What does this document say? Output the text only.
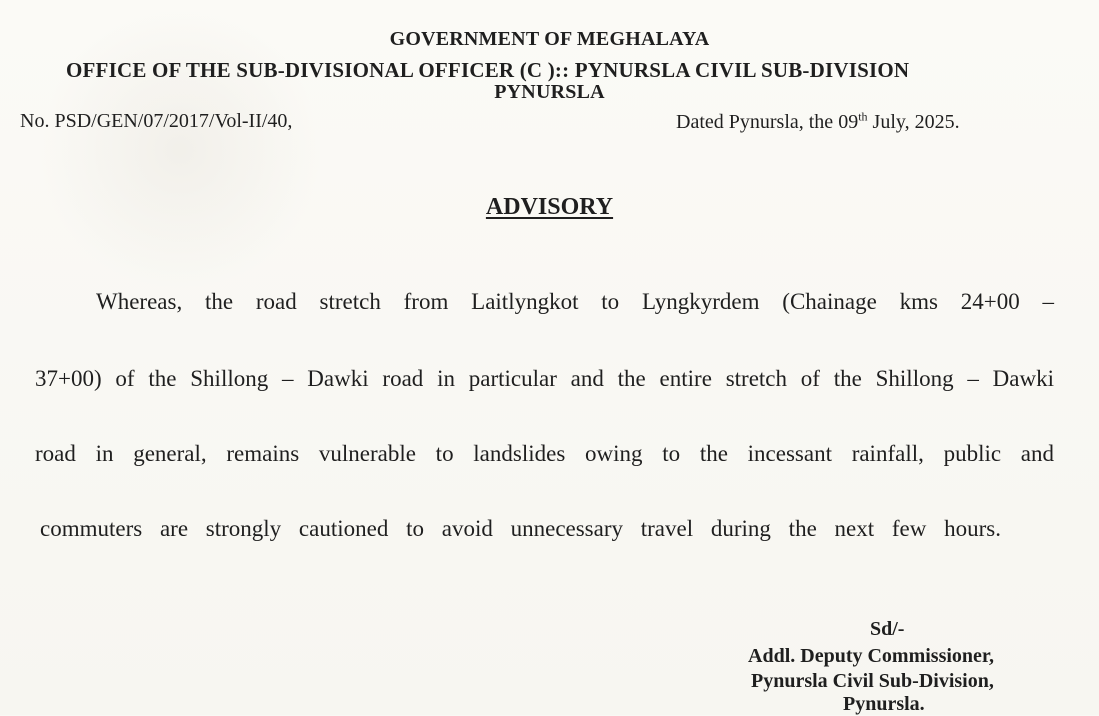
GOVERNMENT OF MEGHALAYA
OFFICE OF THE SUB-DIVISIONAL OFFICER (C ):: PYNURSLA CIVIL SUB-DIVISION
PYNURSLA
No. PSD/GEN/07/2017/Vol-II/40,	Dated Pynursla, the 09th July, 2025.
ADVISORY
Whereas, the road stretch from Laitlyngkot to Lyngkyrdem (Chainage kms 24+00 –
37+00) of the Shillong – Dawki road in particular and the entire stretch of the Shillong – Dawki
road in general, remains vulnerable to landslides owing to the incessant rainfall, public and
commuters are strongly cautioned to avoid unnecessary travel during the next few hours.
Sd/-
Addl. Deputy Commissioner,
Pynursla Civil Sub-Division,
Pynursla.
